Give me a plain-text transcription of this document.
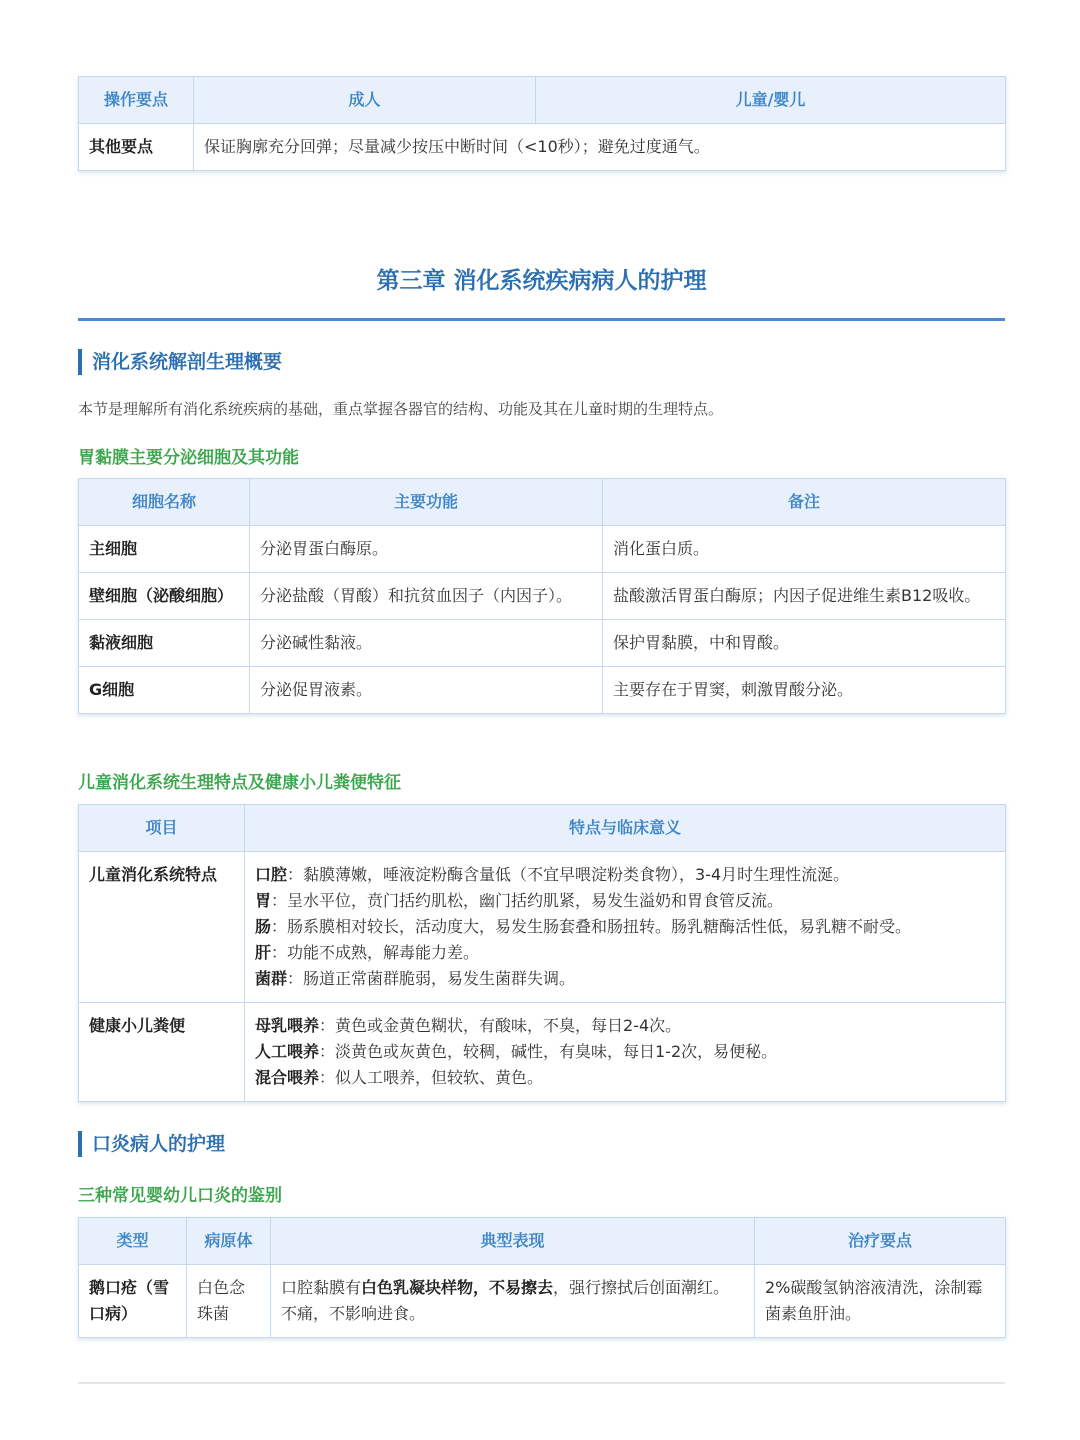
操作要点	成人	儿童/婴儿
其他要点	保证胸廓充分回弹；尽量减少按压中断时间（<10秒）；避免过度通气。	
第三章 消化系统疾病病人的护理
消化系统解剖生理概要
本节是理解所有消化系统疾病的基础，重点掌握各器官的结构、功能及其在儿童时期的生理特点。
胃黏膜主要分泌细胞及其功能
细胞名称	主要功能	备注
主细胞	分泌胃蛋白酶原。	消化蛋白质。
壁细胞（泌酸细胞）	分泌盐酸（胃酸）和抗贫血因子（内因子）。	盐酸激活胃蛋白酶原；内因子促进维生素B12吸收。
黏液细胞	分泌碱性黏液。	保护胃黏膜，中和胃酸。
G细胞	分泌促胃液素。	主要存在于胃窦，刺激胃酸分泌。
儿童消化系统生理特点及健康小儿粪便特征
项目	特点与临床意义
儿童消化系统特点	口腔：黏膜薄嫩，唾液淀粉酶含量低（不宜早喂淀粉类食物），3-4月时生理性流涎。
胃：呈水平位，贲门括约肌松，幽门括约肌紧，易发生溢奶和胃食管反流。
肠：肠系膜相对较长，活动度大，易发生肠套叠和肠扭转。肠乳糖酶活性低，易乳糖不耐受。
肝：功能不成熟，解毒能力差。
菌群：肠道正常菌群脆弱，易发生菌群失调。

健康小儿粪便	母乳喂养：黄色或金黄色糊状，有酸味，不臭，每日2-4次。
人工喂养：淡黄色或灰黄色，较稠，碱性，有臭味，每日1-2次，易便秘。
混合喂养：似人工喂养，但较软、黄色。
口炎病人的护理
三种常见婴幼儿口炎的鉴别
类型	病原体	典型表现	治疗要点
鹅口疮（雪口病）	白色念珠菌	口腔黏膜有白色乳凝块样物，不易擦去，强行擦拭后创面潮红。不痛，不影响进食。	2%碳酸氢钠溶液清洗，涂制霉菌素鱼肝油。
